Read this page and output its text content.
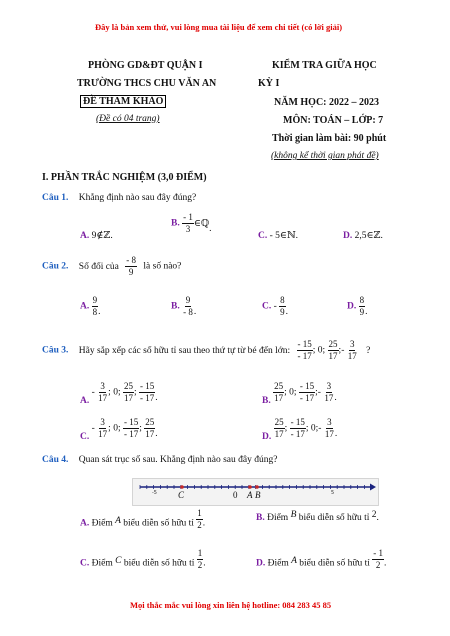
Đây là bản xem thử, vui lòng mua tài liệu để xem chi tiết (có lời giải)
PHÒNG GD&ĐT QUẬN I
TRƯỜNG THCS CHU VĂN AN
ĐỀ THAM KHẢO
(Đề có 04 trang)
KIỂM TRA GIỮA HỌC
KỲ I
NĂM HỌC: 2022 – 2023
MÔN: TOÁN – LỚP: 7
Thời gian làm bài: 90 phút
(không kể thời gian phát đề)
I. PHẦN TRẮC NGHIỆM (3,0 ĐIỂM)
Câu 1. Khẳng định nào sau đây đúng?
A. 9∉ℤ.
B. $\frac{- 1}{3}$ ∈ℚ.
C. - 5∈ℕ.	D. 2,5∈ℤ.
Câu 2. Số đối của $\frac{- 8}{9}$ là số nào?
A. $\frac{9}{8}$ .
B. $\frac{9}{- 8}$ .
C. - $\frac{8}{9}$ .
D. $\frac{8}{9}$ .
Câu 3. Hãy sắp xếp các số hữu tỉ sau theo thứ tự từ bé đến lớn: $\frac{- 15}{- 17}$ ; 0; $\frac{25}{17}$ ;- $\frac{3}{17}$ ?
A. - $\frac{3}{17}$ ; 0; $\frac{25}{17}$ ; $\frac{- 15}{- 17}$ .	B. $\frac{25}{17}$ ; 0; $\frac{- 15}{- 17}$ ;- $\frac{3}{17}$ .
C. - $\frac{3}{17}$ ; 0; $\frac{- 15}{- 17}$ ; $\frac{25}{17}$ .	D. $\frac{25}{17}$ ; $\frac{- 15}{- 17}$ ; 0;- $\frac{3}{17}$ .
Câu 4. Quan sát trục số sau. Khẳng định nào sau đây đúng?
-5 C	0 A B	5
A. Điểm A biểu diễn số hữu tỉ $\frac{1}{2}$ .
B. Điểm B biểu diễn số hữu tỉ 2.
C. Điểm C biểu diễn số hữu tỉ $\frac{1}{2}$ .	D. Điểm A biểu diễn số hữu tỉ $\frac{- 1}{2}$ .
Mọi thắc mắc vui lòng xin liên hệ hotline: 084 283 45 85
